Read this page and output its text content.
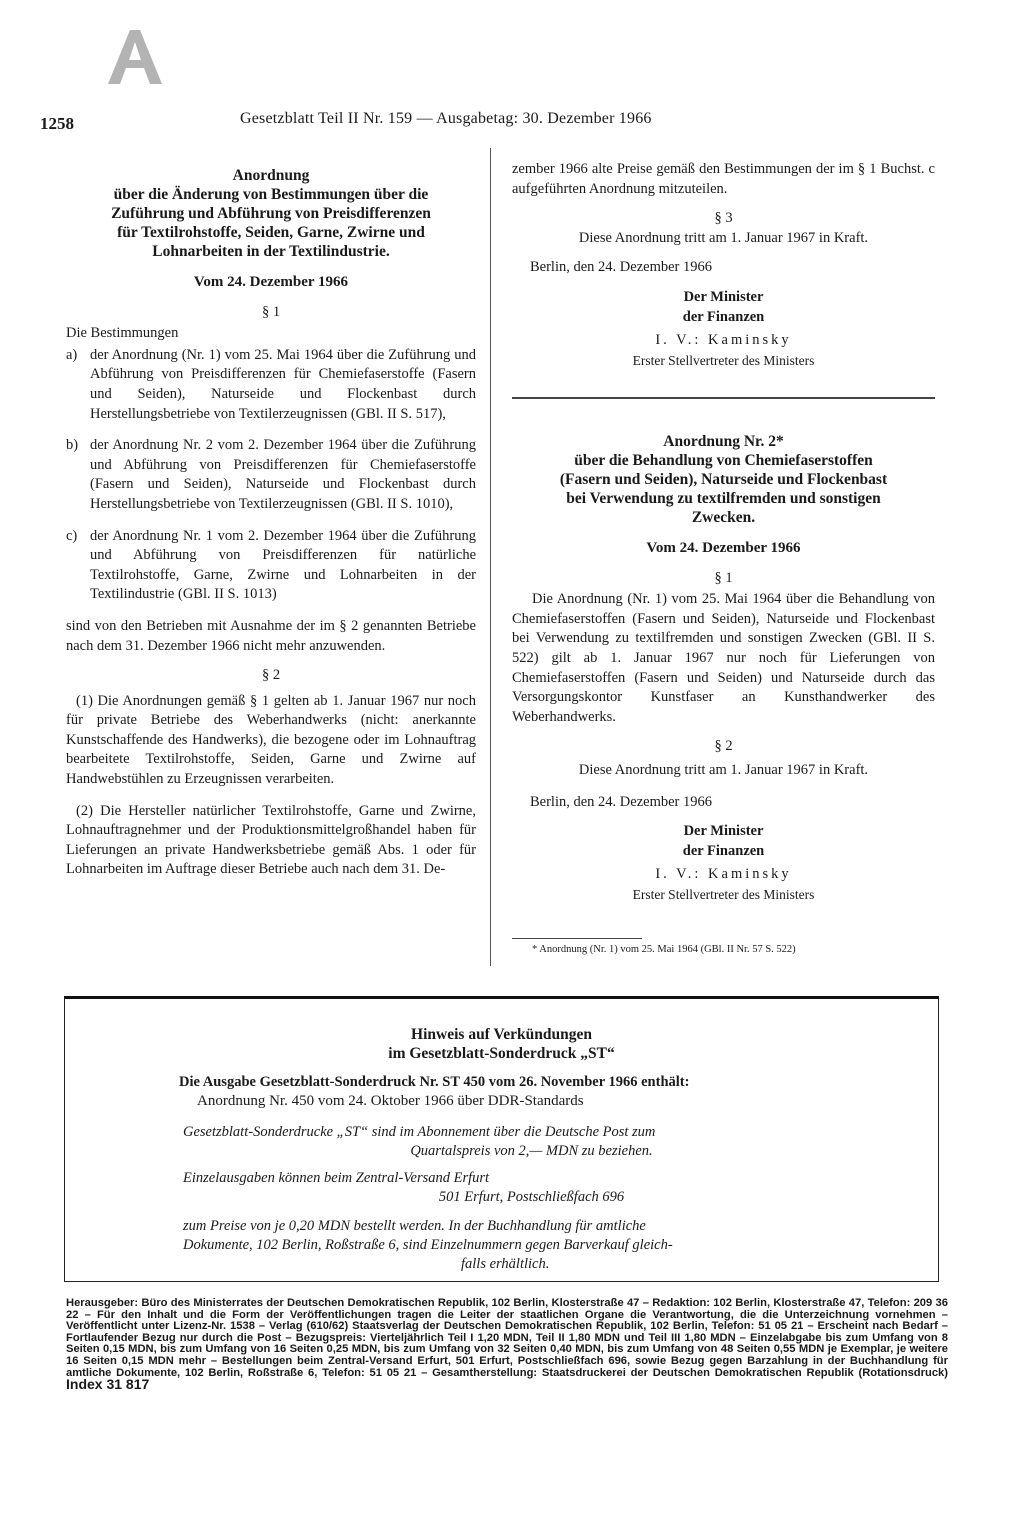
1258	Gesetzblatt Teil II Nr. 159 — Ausgabetag: 30. Dezember 1966
Anordnung
über die Änderung von Bestimmungen über die
Zuführung und Abführung von Preisdifferenzen
für Textilrohstoffe, Seiden, Garne, Zwirne und
Lohnarbeiten in der Textilindustrie.
Vom 24. Dezember 1966
§ 1

Die Bestimmungen

a) der Anordnung (Nr. 1) vom 25. Mai 1964 über die Zuführung und Abführung von Preisdifferenzen für Chemiefaserstoffe (Fasern und Seiden), Naturseide und Flockenbast durch Herstellungsbetriebe von Textilerzeugnissen (GBl. II S. 517),
b) der Anordnung Nr. 2 vom 2. Dezember 1964 über die Zuführung und Abführung von Preisdifferenzen für Chemiefaserstoffe (Fasern und Seiden), Naturseide und Flockenbast durch Herstellungsbetriebe von Textilerzeugnissen (GBl. II S. 1010),
c) der Anordnung Nr. 1 vom 2. Dezember 1964 über die Zuführung und Abführung von Preisdifferenzen für natürliche Textilrohstoffe, Garne, Zwirne und Lohnarbeiten in der Textilindustrie (GBl. II S. 1013)

sind von den Betrieben mit Ausnahme der im § 2 genannten Betriebe nach dem 31. Dezember 1966 nicht mehr anzuwenden.

§ 2

(1) Die Anordnungen gemäß § 1 gelten ab 1. Januar 1967 nur noch für private Betriebe des Weberhandwerks (nicht: anerkannte Kunstschaffende des Handwerks), die bezogene oder im Lohnauftrag bearbeitete Textilrohstoffe, Seiden, Garne und Zwirne auf Handwebstühlen zu Erzeugnissen verarbeiten.

(2) Die Hersteller natürlicher Textilrohstoffe, Garne und Zwirne, Lohnauftragnehmer und der Produktionsmittelgroßhandel haben für Lieferungen an private Handwerksbetriebe gemäß Abs. 1 oder für Lohnarbeiten im Auftrage dieser Betriebe auch nach dem 31. De-

zember 1966 alte Preise gemäß den Bestimmungen der im § 1 Buchst. c aufgeführten Anordnung mitzuteilen.

§ 3

Diese Anordnung tritt am 1. Januar 1967 in Kraft.

Berlin, den 24. Dezember 1966

Der Minister
der Finanzen
I. V.: Kaminsky
Erster Stellvertreter des Ministers
Anordnung Nr. 2*
über die Behandlung von Chemiefaserstoffen
(Fasern und Seiden), Naturseide und Flockenbast
bei Verwendung zu textilfremden und sonstigen
Zwecken.
Vom 24. Dezember 1966
§ 1

Die Anordnung (Nr. 1) vom 25. Mai 1964 über die Behandlung von Chemiefaserstoffen (Fasern und Seiden), Naturseide und Flockenbast bei Verwendung zu textilfremden und sonstigen Zwecken (GBl. II S. 522) gilt ab 1. Januar 1967 nur noch für Lieferungen von Chemiefaserstoffen (Fasern und Seiden) und Naturseide durch das Versorgungskontor Kunstfaser an Kunsthandwerker des Weberhandwerks.

§ 2

Diese Anordnung tritt am 1. Januar 1967 in Kraft.

Berlin, den 24. Dezember 1966

Der Minister
der Finanzen
I. V.: Kaminsky
Erster Stellvertreter des Ministers
* Anordnung (Nr. 1) vom 25. Mai 1964 (GBl. II Nr. 57 S. 522)
Hinweis auf Verkündungen
im Gesetzblatt-Sonderdruck „ST“
Die Ausgabe Gesetzblatt-Sonderdruck Nr. ST 450 vom 26. November 1966 enthält:
Anordnung Nr. 450 vom 24. Oktober 1966 über DDR-Standards
Gesetzblatt-Sonderdrucke „ST“ sind im Abonnement über die Deutsche Post zum
Quartalspreis von 2,— MDN zu beziehen.
Einzelausgaben können beim Zentral-Versand Erfurt
501 Erfurt, Postschließfach 696
zum Preise von je 0,20 MDN bestellt werden. In der Buchhandlung für amtliche
Dokumente, 102 Berlin, Roßstraße 6, sind Einzelnummern gegen Barverkauf gleich-
falls erhältlich.
Herausgeber: Büro des Ministerrates der Deutschen Demokratischen Republik, 102 Berlin, Klosterstraße 47 – Redaktion: 102 Berlin, Klosterstraße 47, Telefon: 209 36 22 – Für den Inhalt und die Form der Veröffentlichungen tragen die Leiter der staatlichen Organe die Verantwortung, die die Unterzeichnung vornehmen – Veröffentlicht unter Lizenz-Nr. 1538 – Verlag (610/62) Staatsverlag der Deutschen Demokratischen Republik, 102 Berlin, Telefon: 51 05 21 – Erscheint nach Bedarf – Fortlaufender Bezug nur durch die Post – Bezugspreis: Vierteljährlich Teil I 1,20 MDN, Teil II 1,80 MDN und Teil III 1,80 MDN – Einzelabgabe bis zum Umfang von 8 Seiten 0,15 MDN, bis zum Umfang von 16 Seiten 0,25 MDN, bis zum Umfang von 32 Seiten 0,40 MDN, bis zum Umfang von 48 Seiten 0,55 MDN je Exemplar, je weitere 16 Seiten 0,15 MDN mehr – Bestellungen beim Zentral-Versand Erfurt, 501 Erfurt, Postschließfach 696, sowie Bezug gegen Barzahlung in der Buchhandlung für amtliche Dokumente, 102 Berlin, Roßstraße 6, Telefon: 51 05 21 – Gesamtherstellung: Staatsdruckerei der Deutschen Demokratischen Republik (Rotationsdruck) Index 31 817
